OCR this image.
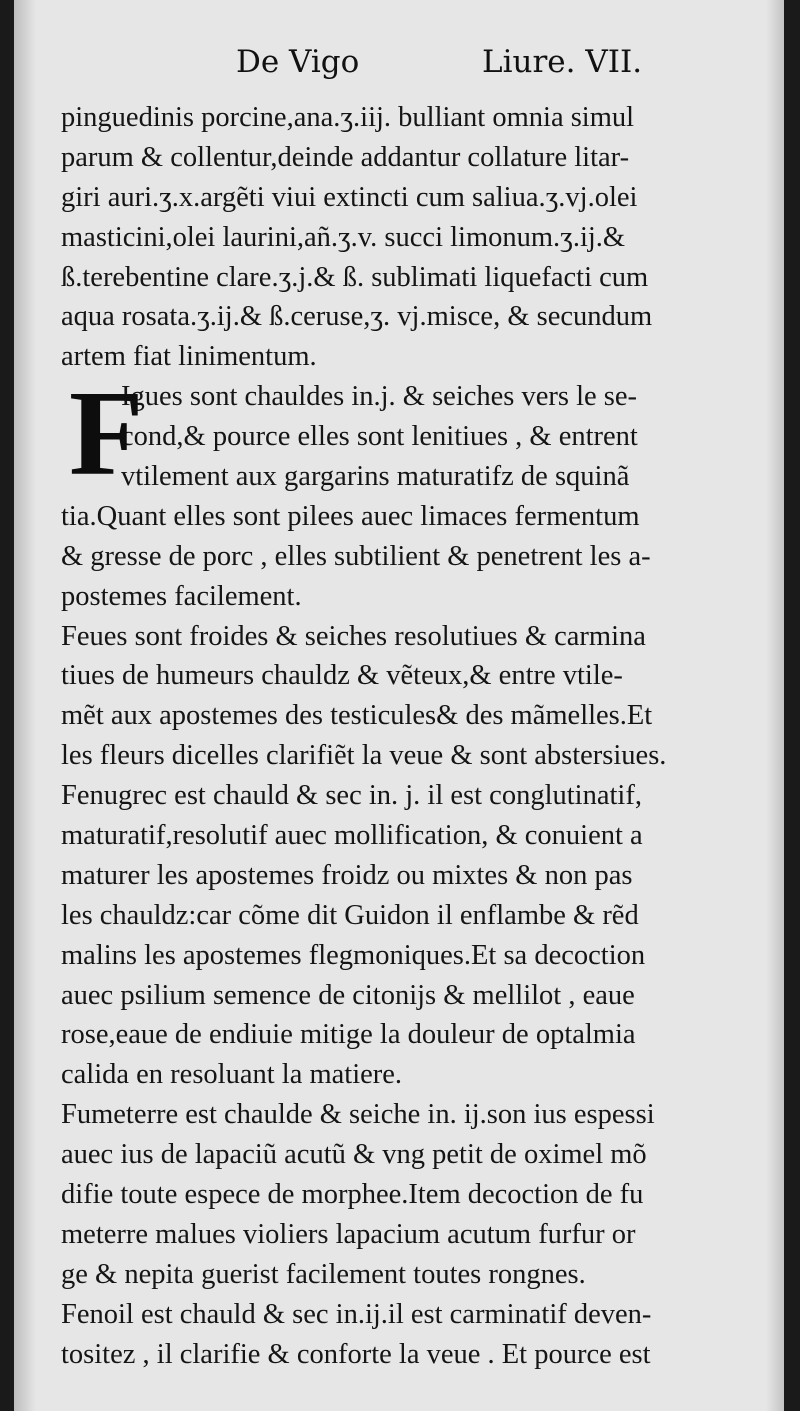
De Vigo	Liure. VII.
F
pinguedinis porcine,ana.ʒ.iij. bulliant omnia simul
parum & collentur,deinde addantur collature litar-
giri auri.ʒ.x.argẽti viui extincti cum saliua.ʒ.vj.olei
masticini,olei laurini,añ.ʒ.v. succi limonum.ʒ.ij.&
ß.terebentine clare.ʒ.j.& ß. sublimati liquefacti cum
aqua rosata.ʒ.ij.& ß.ceruse,ʒ. vj.misce, & secundum
artem fiat linimentum.
Igues sont chauldes in.j. & seiches vers le se-
cond,& pource elles sont lenitiues , & entrent
vtilement aux gargarins maturatifz de squinã
tia.Quant elles sont pilees auec limaces fermentum
& gresse de porc , elles subtilient & penetrent les a-
postemes facilement.
Feues sont froides & seiches resolutiues & carmina
tiues de humeurs chauldz & vẽteux,& entre vtile-
mẽt aux apostemes des testicules& des mãmelles.Et
les fleurs dicelles clarifiẽt la veue & sont abstersiues.
Fenugrec est chauld & sec in. j. il est conglutinatif,
maturatif,resolutif auec mollification, & conuient a
maturer les apostemes froidz ou mixtes & non pas
les chauldz:car cõme dit Guidon il enflambe & rẽd
malins les apostemes flegmoniques.Et sa decoction
auec psilium semence de citonijs & mellilot , eaue
rose,eaue de endiuie mitige la douleur de optalmia
calida en resoluant la matiere.
Fumeterre est chaulde & seiche in. ij.son ius espessi
auec ius de lapaciũ acutũ & vng petit de oximel mõ
difie toute espece de morphee.Item decoction de fu
meterre malues violiers lapacium acutum furfur or
ge & nepita guerist facilement toutes rongnes.
Fenoil est chauld & sec in.ij.il est carminatif deven-
tositez , il clarifie & conforte la veue . Et pource est
